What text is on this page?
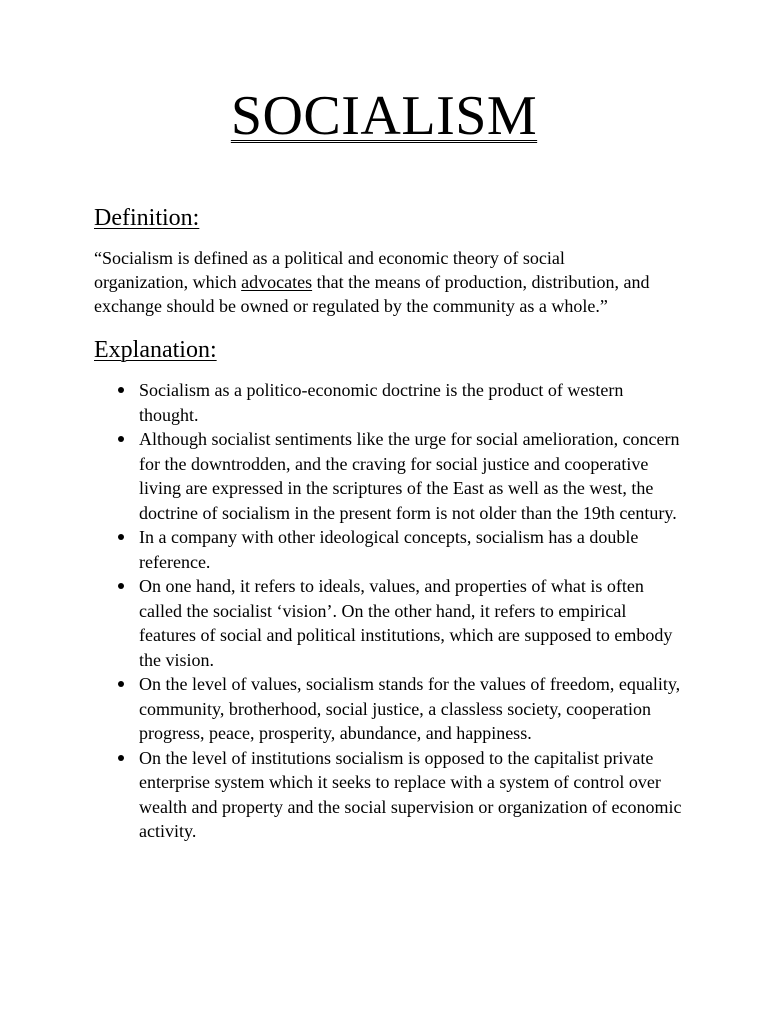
SOCIALISM
Definition:

“Socialism is defined as a political and economic theory of social organization, which advocates that the means of production, distribution, and exchange should be owned or regulated by the community as a whole.”

Explanation:
Socialism as a politico-economic doctrine is the product of western thought.
Although socialist sentiments like the urge for social amelioration, concern for the downtrodden, and the craving for social justice and cooperative living are expressed in the scriptures of the East as well as the west, the doctrine of socialism in the present form is not older than the 19th century.
In a company with other ideological concepts, socialism has a double reference.
On one hand, it refers to ideals, values, and properties of what is often called the socialist ‘vision’. On the other hand, it refers to empirical features of social and political institutions, which are supposed to embody the vision.
On the level of values, socialism stands for the values of freedom, equality, community, brotherhood, social justice, a classless society, cooperation progress, peace, prosperity, abundance, and happiness.
On the level of institutions socialism is opposed to the capitalist private enterprise system which it seeks to replace with a system of control over wealth and property and the social supervision or organization of economic activity.
